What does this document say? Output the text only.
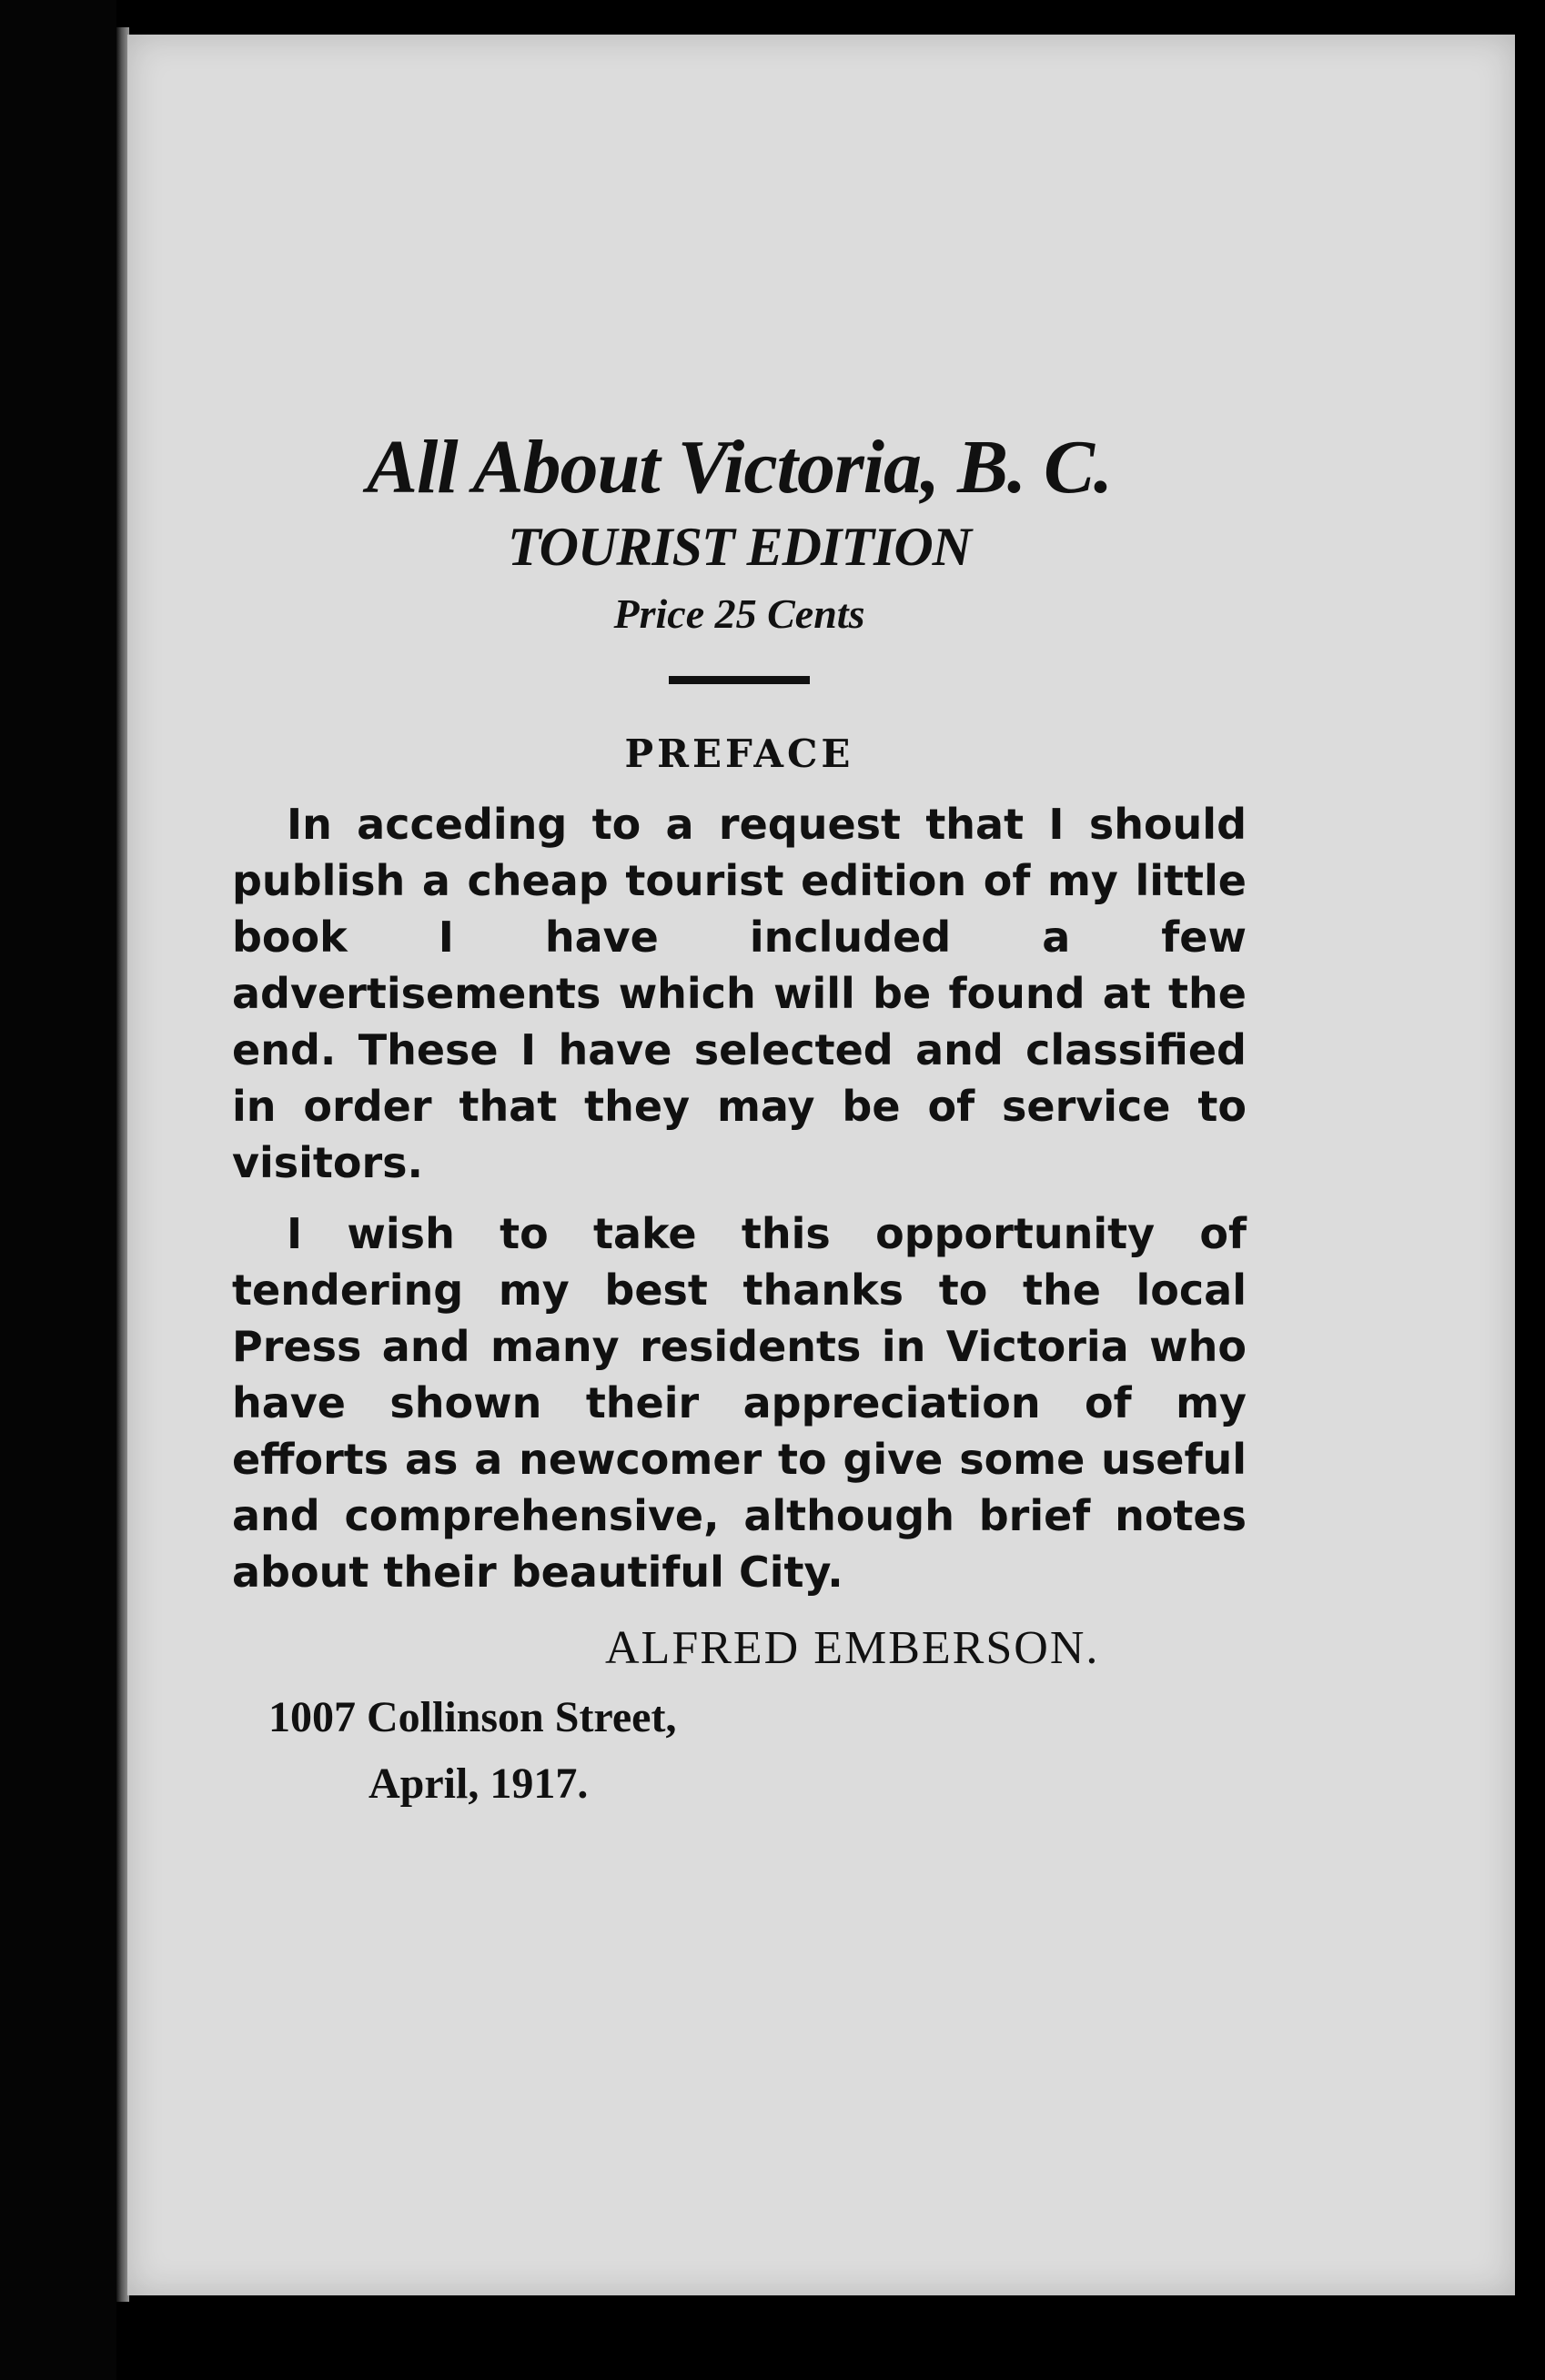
All About Victoria, B. C.
TOURIST EDITION
Price 25 Cents
PREFACE

In acceding to a request that I should publish a cheap tourist edition of my little book I have included a few advertisements which will be found at the end. These I have selected and classified in order that they may be of service to visitors.

I wish to take this opportunity of tendering my best thanks to the local Press and many residents in Victoria who have shown their appreciation of my efforts as a newcomer to give some useful and comprehensive, although brief notes about their beautiful City.

ALFRED EMBERSON.
1007 Collinson Street,
April, 1917.
